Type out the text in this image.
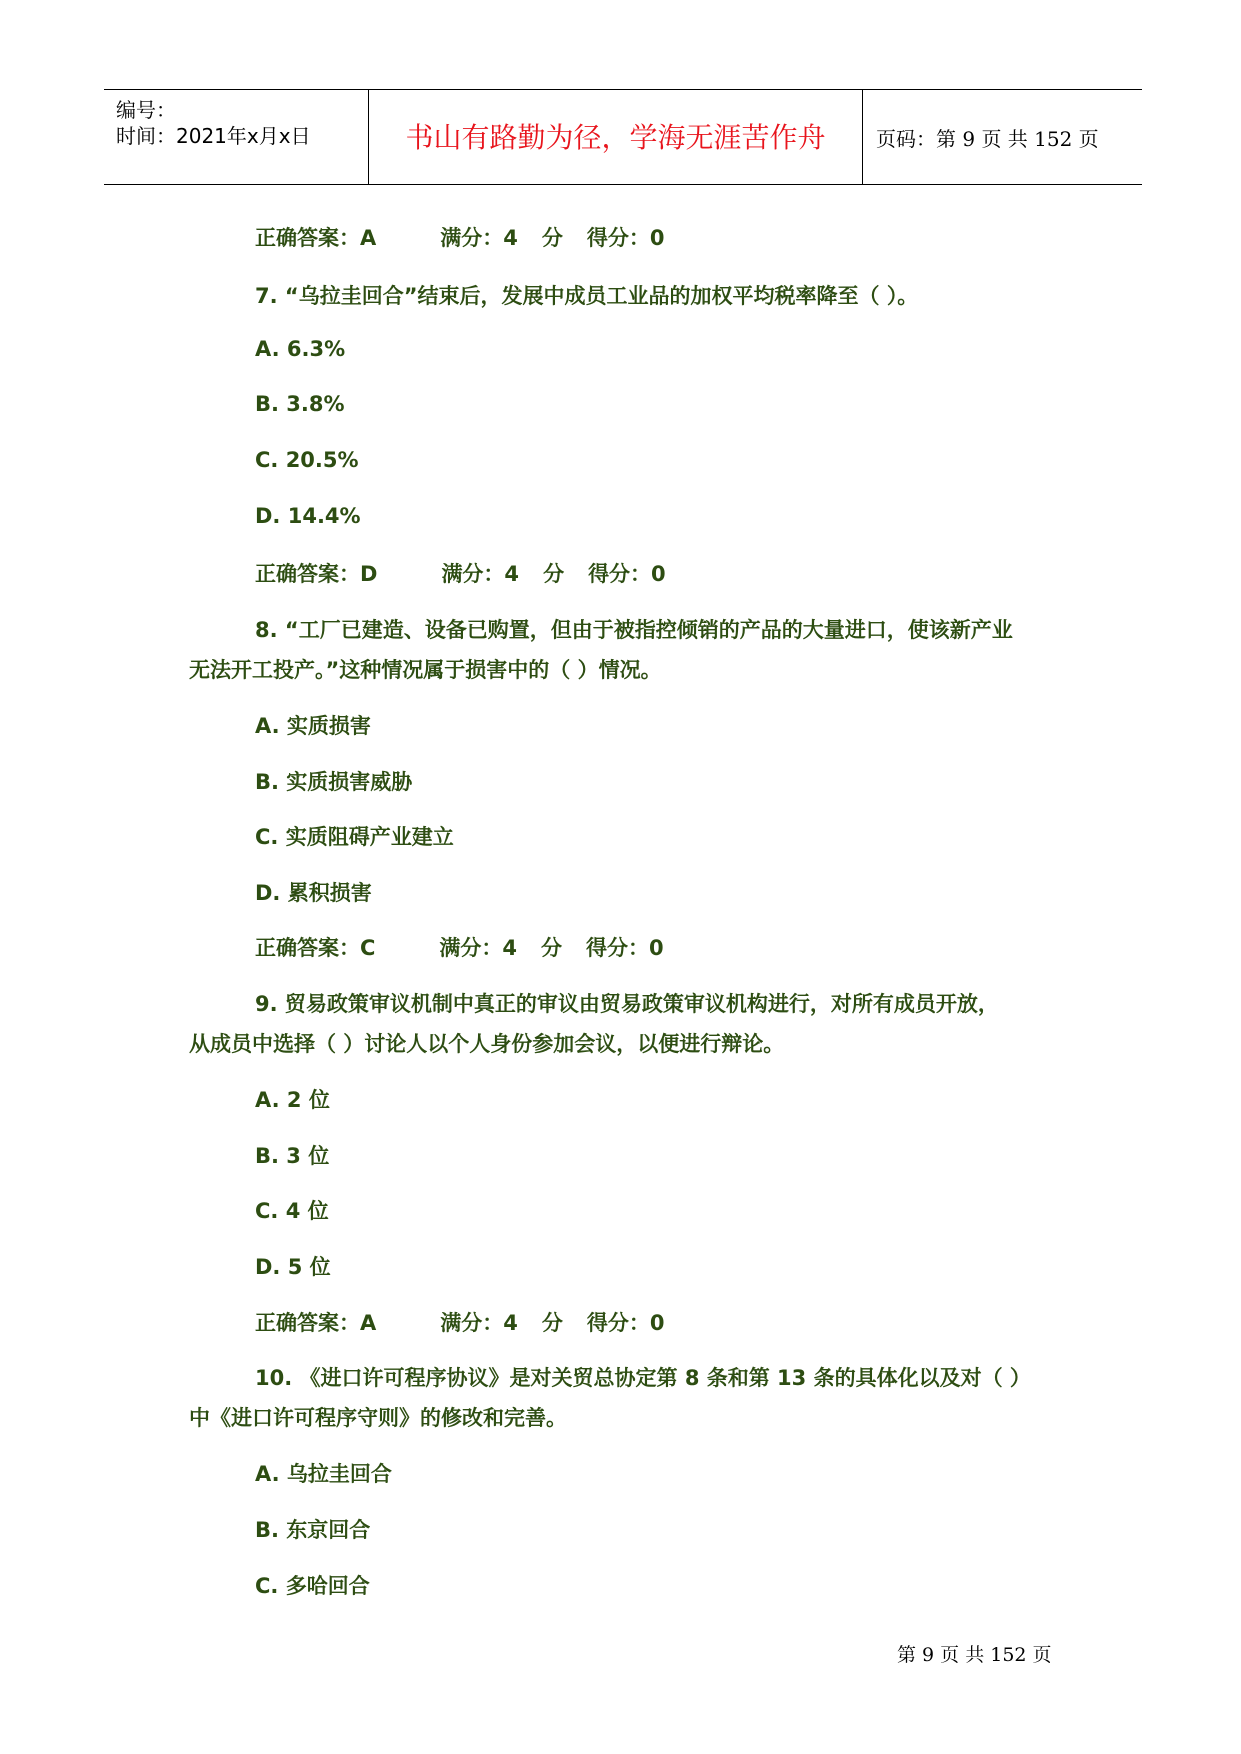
编号：
时间：2021年x月x日	书山有路勤为径，学海无涯苦作舟	页码：第 9 页 共 152 页
正确答案：A	满分：4 分 得分：0
7. “乌拉圭回合”结束后，发展中成员工业品的加权平均税率降至（ ）。
A. 6.3%
B. 3.8%
C. 20.5%
D. 14.4%
正确答案：D	满分：4 分 得分：0
8. “工厂已建造、设备已购置，但由于被指控倾销的产品的大量进口，使该新产业
无法开工投产。”这种情况属于损害中的（ ）情况。
A. 实质损害
B. 实质损害威胁
C. 实质阻碍产业建立
D. 累积损害
正确答案：C	满分：4 分 得分：0
9. 贸易政策审议机制中真正的审议由贸易政策审议机构进行，对所有成员开放，
从成员中选择（ ）讨论人以个人身份参加会议，以便进行辩论。
A. 2 位
B. 3 位
C. 4 位
D. 5 位
正确答案：A	满分：4 分 得分：0
10. 《进口许可程序协议》是对关贸总协定第 8 条和第 13 条的具体化以及对（ ）
中《进口许可程序守则》的修改和完善。
A. 乌拉圭回合
B. 东京回合
C. 多哈回合
第 9 页 共 152 页
